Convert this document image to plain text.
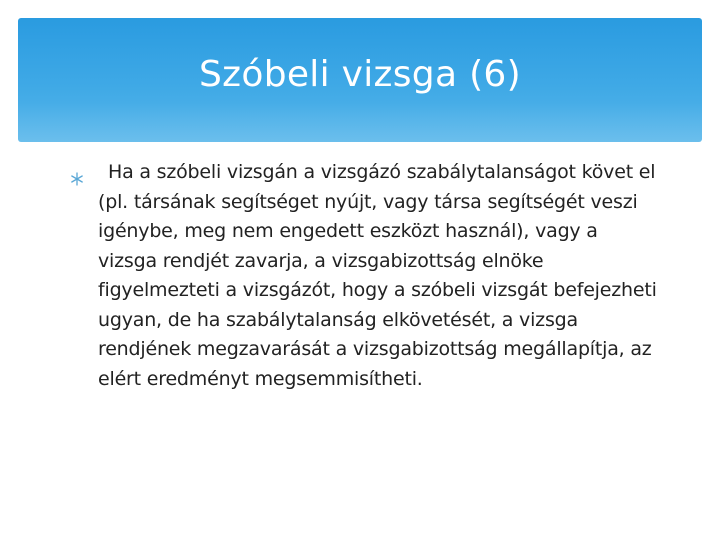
Szóbeli vizsga (6)
Ha a szóbeli vizsgán a vizsgázó szabálytalanságot követ el (pl. társának segítséget nyújt, vagy társa segítségét veszi igénybe, meg nem engedett eszközt használ), vagy a vizsga rendjét zavarja, a vizsgabizottság elnöke figyelmezteti a vizsgázót, hogy a szóbeli vizsgát befejezheti ugyan, de ha szabálytalanság elkövetését, a vizsga rendjének megzavarását a vizsgabizottság megállapítja, az elért eredményt megsemmisítheti.
